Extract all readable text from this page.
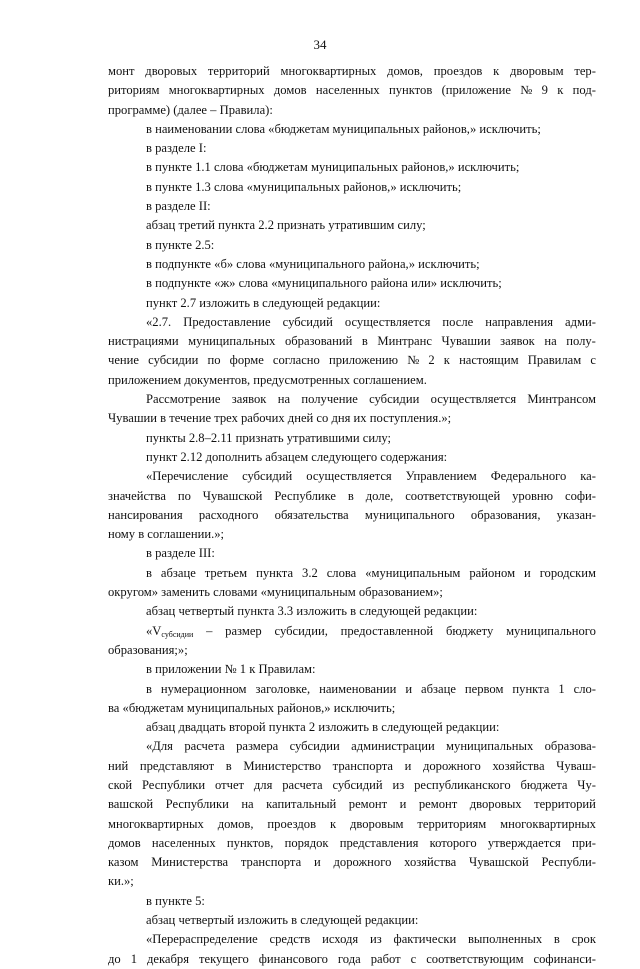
34
монт дворовых территорий многоквартирных домов, проездов к дворовым тер-
риториям многоквартирных домов населенных пунктов (приложение № 9 к под-
программе) (далее – Правила):
в наименовании слова «бюджетам муниципальных районов,» исключить;
в разделе I:
в пункте 1.1 слова «бюджетам муниципальных районов,» исключить;
в пункте 1.3 слова «муниципальных районов,» исключить;
в разделе II:
абзац третий пункта 2.2 признать утратившим силу;
в пункте 2.5:
в подпункте «б» слова «муниципального района,» исключить;
в подпункте «ж» слова «муниципального района или» исключить;
пункт 2.7 изложить в следующей редакции:
«2.7. Предоставление субсидий осуществляется после направления адми-
нистрациями муниципальных образований в Минтранс Чувашии заявок на полу-
чение субсидии по форме согласно приложению № 2 к настоящим Правилам с
приложением документов, предусмотренных соглашением.
Рассмотрение заявок на получение субсидии осуществляется Минтрансом
Чувашии в течение трех рабочих дней со дня их поступления.»;
пункты 2.8–2.11 признать утратившими силу;
пункт 2.12 дополнить абзацем следующего содержания:
«Перечисление субсидий осуществляется Управлением Федерального ка-
значейства по Чувашской Республике в доле, соответствующей уровню софи-
нансирования расходного обязательства муниципального образования, указан-
ному в соглашении.»;
в разделе III:
в абзаце третьем пункта 3.2 слова «муниципальным районом и городским
округом» заменить словами «муниципальным образованием»;
абзац четвертый пункта 3.3 изложить в следующей редакции:
«$V_{субсидии}$ – размер субсидии, предоставленной бюджету муниципального
образования;»;
в приложении № 1 к Правилам:
в нумерационном заголовке, наименовании и абзаце первом пункта 1 сло-
ва «бюджетам муниципальных районов,» исключить;
абзац двадцать второй пункта 2 изложить в следующей редакции:
«Для расчета размера субсидии администрации муниципальных образова-
ний представляют в Министерство транспорта и дорожного хозяйства Чуваш-
ской Республики отчет для расчета субсидий из республиканского бюджета Чу-
вашской Республики на капитальный ремонт и ремонт дворовых территорий
многоквартирных домов, проездов к дворовым территориям многоквартирных
домов населенных пунктов, порядок представления которого утверждается при-
казом Министерства транспорта и дорожного хозяйства Чувашской Республи-
ки.»;
в пункте 5:
абзац четвертый изложить в следующей редакции:
«Перераспределение средств исходя из фактически выполненных в срок
до 1 декабря текущего финансового года работ с соответствующим софинанси-
